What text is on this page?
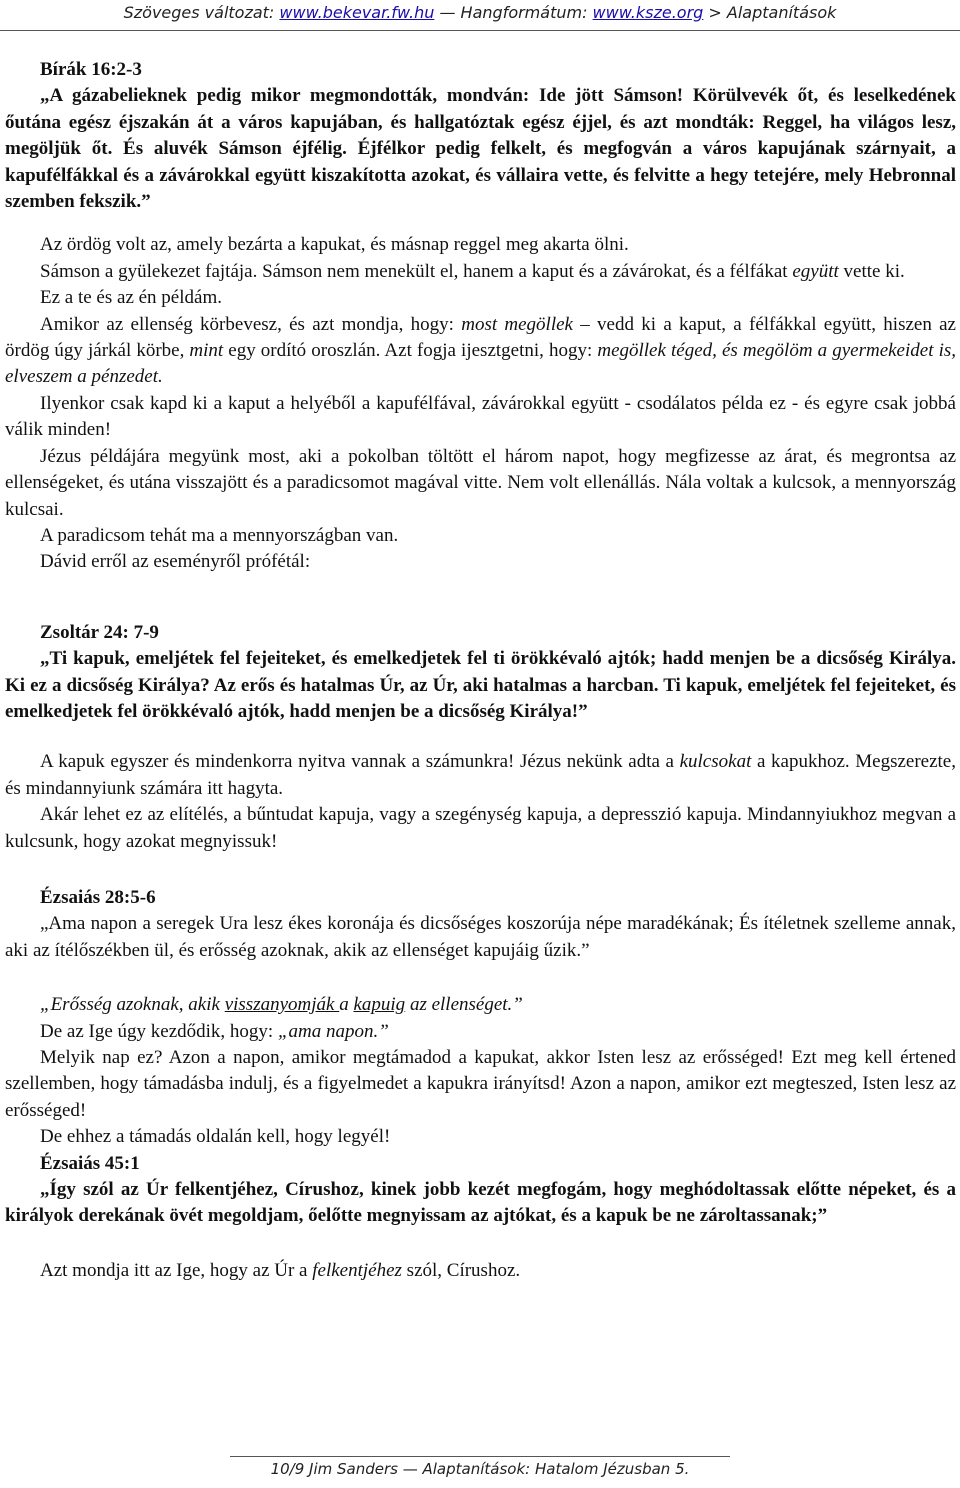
Szöveges változat: www.bekevar.fw.hu — Hangformátum: www.ksze.org > Alaptanítások

Bírák 16:2-3

„A gázabelieknek pedig mikor megmondották, mondván: Ide jött Sámson! Körülvevék őt, és leselkedének őutána egész éjszakán át a város kapujában, és hallgatóztak egész éjjel, és azt mondták: Reggel, ha világos lesz, megöljük őt. És aluvék Sámson éjfélig. Éjfélkor pedig felkelt, és megfogván a város kapujának szárnyait, a kapufélfákkal és a závárokkal együtt kiszakította azokat, és vállaira vette, és felvitte a hegy tetejére, mely Hebronnal szemben fekszik.”

Az ördög volt az, amely bezárta a kapukat, és másnap reggel meg akarta ölni.

Sámson a gyülekezet fajtája. Sámson nem menekült el, hanem a kaput és a závárokat, és a félfákat együtt vette ki.

Ez a te és az én példám.

Amikor az ellenség körbevesz, és azt mondja, hogy: most megöllek – vedd ki a kaput, a félfákkal együtt, hiszen az ördög úgy járkál körbe, mint egy ordító oroszlán. Azt fogja ijesztgetni, hogy: megöllek téged, és megölöm a gyermekeidet is, elveszem a pénzedet.

Ilyenkor csak kapd ki a kaput a helyéből a kapufélfával, závárokkal együtt - csodálatos példa ez - és egyre csak jobbá válik minden!

Jézus példájára megyünk most, aki a pokolban töltött el három napot, hogy megfizesse az árat, és megrontsa az ellenségeket, és utána visszajött és a paradicsomot magával vitte. Nem volt ellenállás. Nála voltak a kulcsok, a mennyország kulcsai.

A paradicsom tehát ma a mennyországban van.

Dávid erről az eseményről prófétál:

Zsoltár 24: 7-9

„Ti kapuk, emeljétek fel fejeiteket, és emelkedjetek fel ti örökkévaló ajtók; hadd menjen be a dicsőség Királya. Ki ez a dicsőség Királya? Az erős és hatalmas Úr, az Úr, aki hatalmas a harcban. Ti kapuk, emeljétek fel fejeiteket, és emelkedjetek fel örökkévaló ajtók, hadd menjen be a dicsőség Királya!”

A kapuk egyszer és mindenkorra nyitva vannak a számunkra! Jézus nekünk adta a kulcsokat a kapukhoz. Megszerezte, és mindannyiunk számára itt hagyta.

Akár lehet ez az elítélés, a bűntudat kapuja, vagy a szegénység kapuja, a depresszió kapuja. Mindannyiukhoz megvan a kulcsunk, hogy azokat megnyissuk!

Ézsaiás 28:5-6

„Ama napon a seregek Ura lesz ékes koronája és dicsőséges koszorúja népe maradékának; És ítéletnek szelleme annak, aki az ítélőszékben ül, és erősség azoknak, akik az ellenséget kapujáig űzik.”

„Erősség azoknak, akik visszanyomják a kapuig az ellenséget.”

De az Ige úgy kezdődik, hogy: „ama napon.”

Melyik nap ez? Azon a napon, amikor megtámadod a kapukat, akkor Isten lesz az erősséged! Ezt meg kell értened szellemben, hogy támadásba indulj, és a figyelmedet a kapukra irányítsd! Azon a napon, amikor ezt megteszed, Isten lesz az erősséged!

De ehhez a támadás oldalán kell, hogy legyél!

Ézsaiás 45:1

„Így szól az Úr felkentjéhez, Círushoz, kinek jobb kezét megfogám, hogy meghódoltassak előtte népeket, és a királyok derekának övét megoldjam, őelőtte megnyissam az ajtókat, és a kapuk be ne zároltassanak;”

Azt mondja itt az Ige, hogy az Úr a felkentjéhez szól, Círushoz.

10/9 Jim Sanders — Alaptanítások: Hatalom Jézusban 5.
